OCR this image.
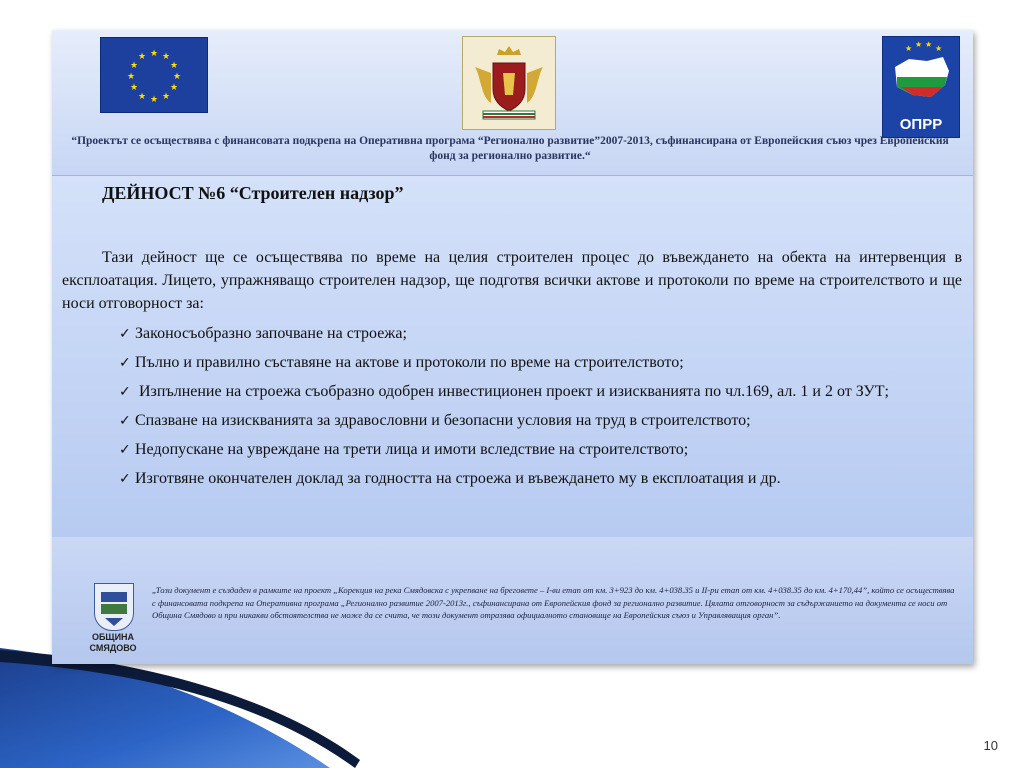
★ ★
★
★
★
★
★
★
★
★
★
★
★ ★ ★ ★
ОПРР
“Проектът се осъществява с финансовата подкрепа на Оперативна програма “Регионално развитие”2007-2013, съфинансирана от Европейския съюз чрез Европейския фонд за регионално развитие.“
ДЕЙНОСТ №6 “Строителен надзор”
Тази дейност ще се осъществява по време на целия строителен процес до въвеждането на обекта на интервенция в експлоатация. Лицето, упражняващо строителен надзор, ще подготвя всички актове и протоколи по време на строителството и ще носи отговорност за:
✓ Законосъобразно започване на строежа;
✓ Пълно и правилно съставяне на актове и протоколи по време на строителството;
✓ Изпълнение на строежа съобразно одобрен инвестиционен проект и изискванията по чл.169, ал. 1 и 2 от ЗУТ;
✓ Спазване на изискванията за здравословни и безопасни условия на труд в строителството;
✓ Недопускане на увреждане на трети лица и имоти вследствие на строителството;
✓ Изготвяне окончателен доклад за годността на строежа и въвеждането му в експлоатация и др.
ОБЩИНА СМЯДОВО
„Този документ е създаден в рамките на проект „Корекция на река Смядовска с укрепване на бреговете – I-ви етап от км. 3+923 до км. 4+038.35 и II-ри етап от км. 4+038.35 до км. 4+170,44”, който се осъществява с финансовата подкрепа на Оперативна програма „Регионално развитие 2007-2013г., съфинансирана от Европейския фонд за регионално развитие. Цялата отговорност за съдържанието на документа се носи от Община Смядово и при никакви обстоятелства не може да се счита, че този документ отразява официалното становище на Европейския съюз и Управляващия орган”.
10
